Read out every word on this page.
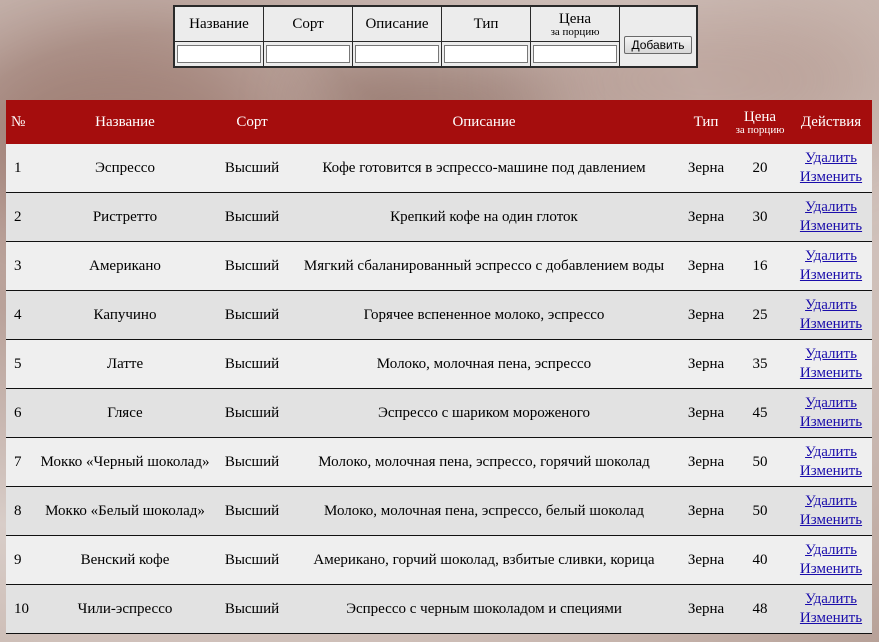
Название	Сорт	Описание	Тип	Цена
за порцию	Добавить

№	Название	Сорт	Описание	Тип	Цена
за порцию	Действия
1	Эспрессо	Высший	Кофе готовится в эспрессо-машине под давлением	Зерна	20	Удалить
Изменить

2	Ристретто	Высший	Крепкий кофе на один глоток	Зерна	30	Удалить
Изменить

3	Американо	Высший	Мягкий сбаланированный эспрессо с добавлением воды	Зерна	16	Удалить
Изменить

4	Капучино	Высший	Горячее вспененное молоко, эспрессо	Зерна	25	Удалить
Изменить

5	Латте	Высший	Молоко, молочная пена, эспрессо	Зерна	35	Удалить
Изменить

6	Глясе	Высший	Эспрессо с шариком мороженого	Зерна	45	Удалить
Изменить

7	Мокко «Черный шоколад»	Высший	Молоко, молочная пена, эспрессо, горячий шоколад	Зерна	50	Удалить
Изменить

8	Мокко «Белый шоколад»	Высший	Молоко, молочная пена, эспрессо, белый шоколад	Зерна	50	Удалить
Изменить

9	Венский кофе	Высший	Американо, горчий шоколад, взбитые сливки, корица	Зерна	40	Удалить
Изменить

10	Чили-эспрессо	Высший	Эспрессо с черным шоколадом и специями	Зерна	48	Удалить
Изменить
